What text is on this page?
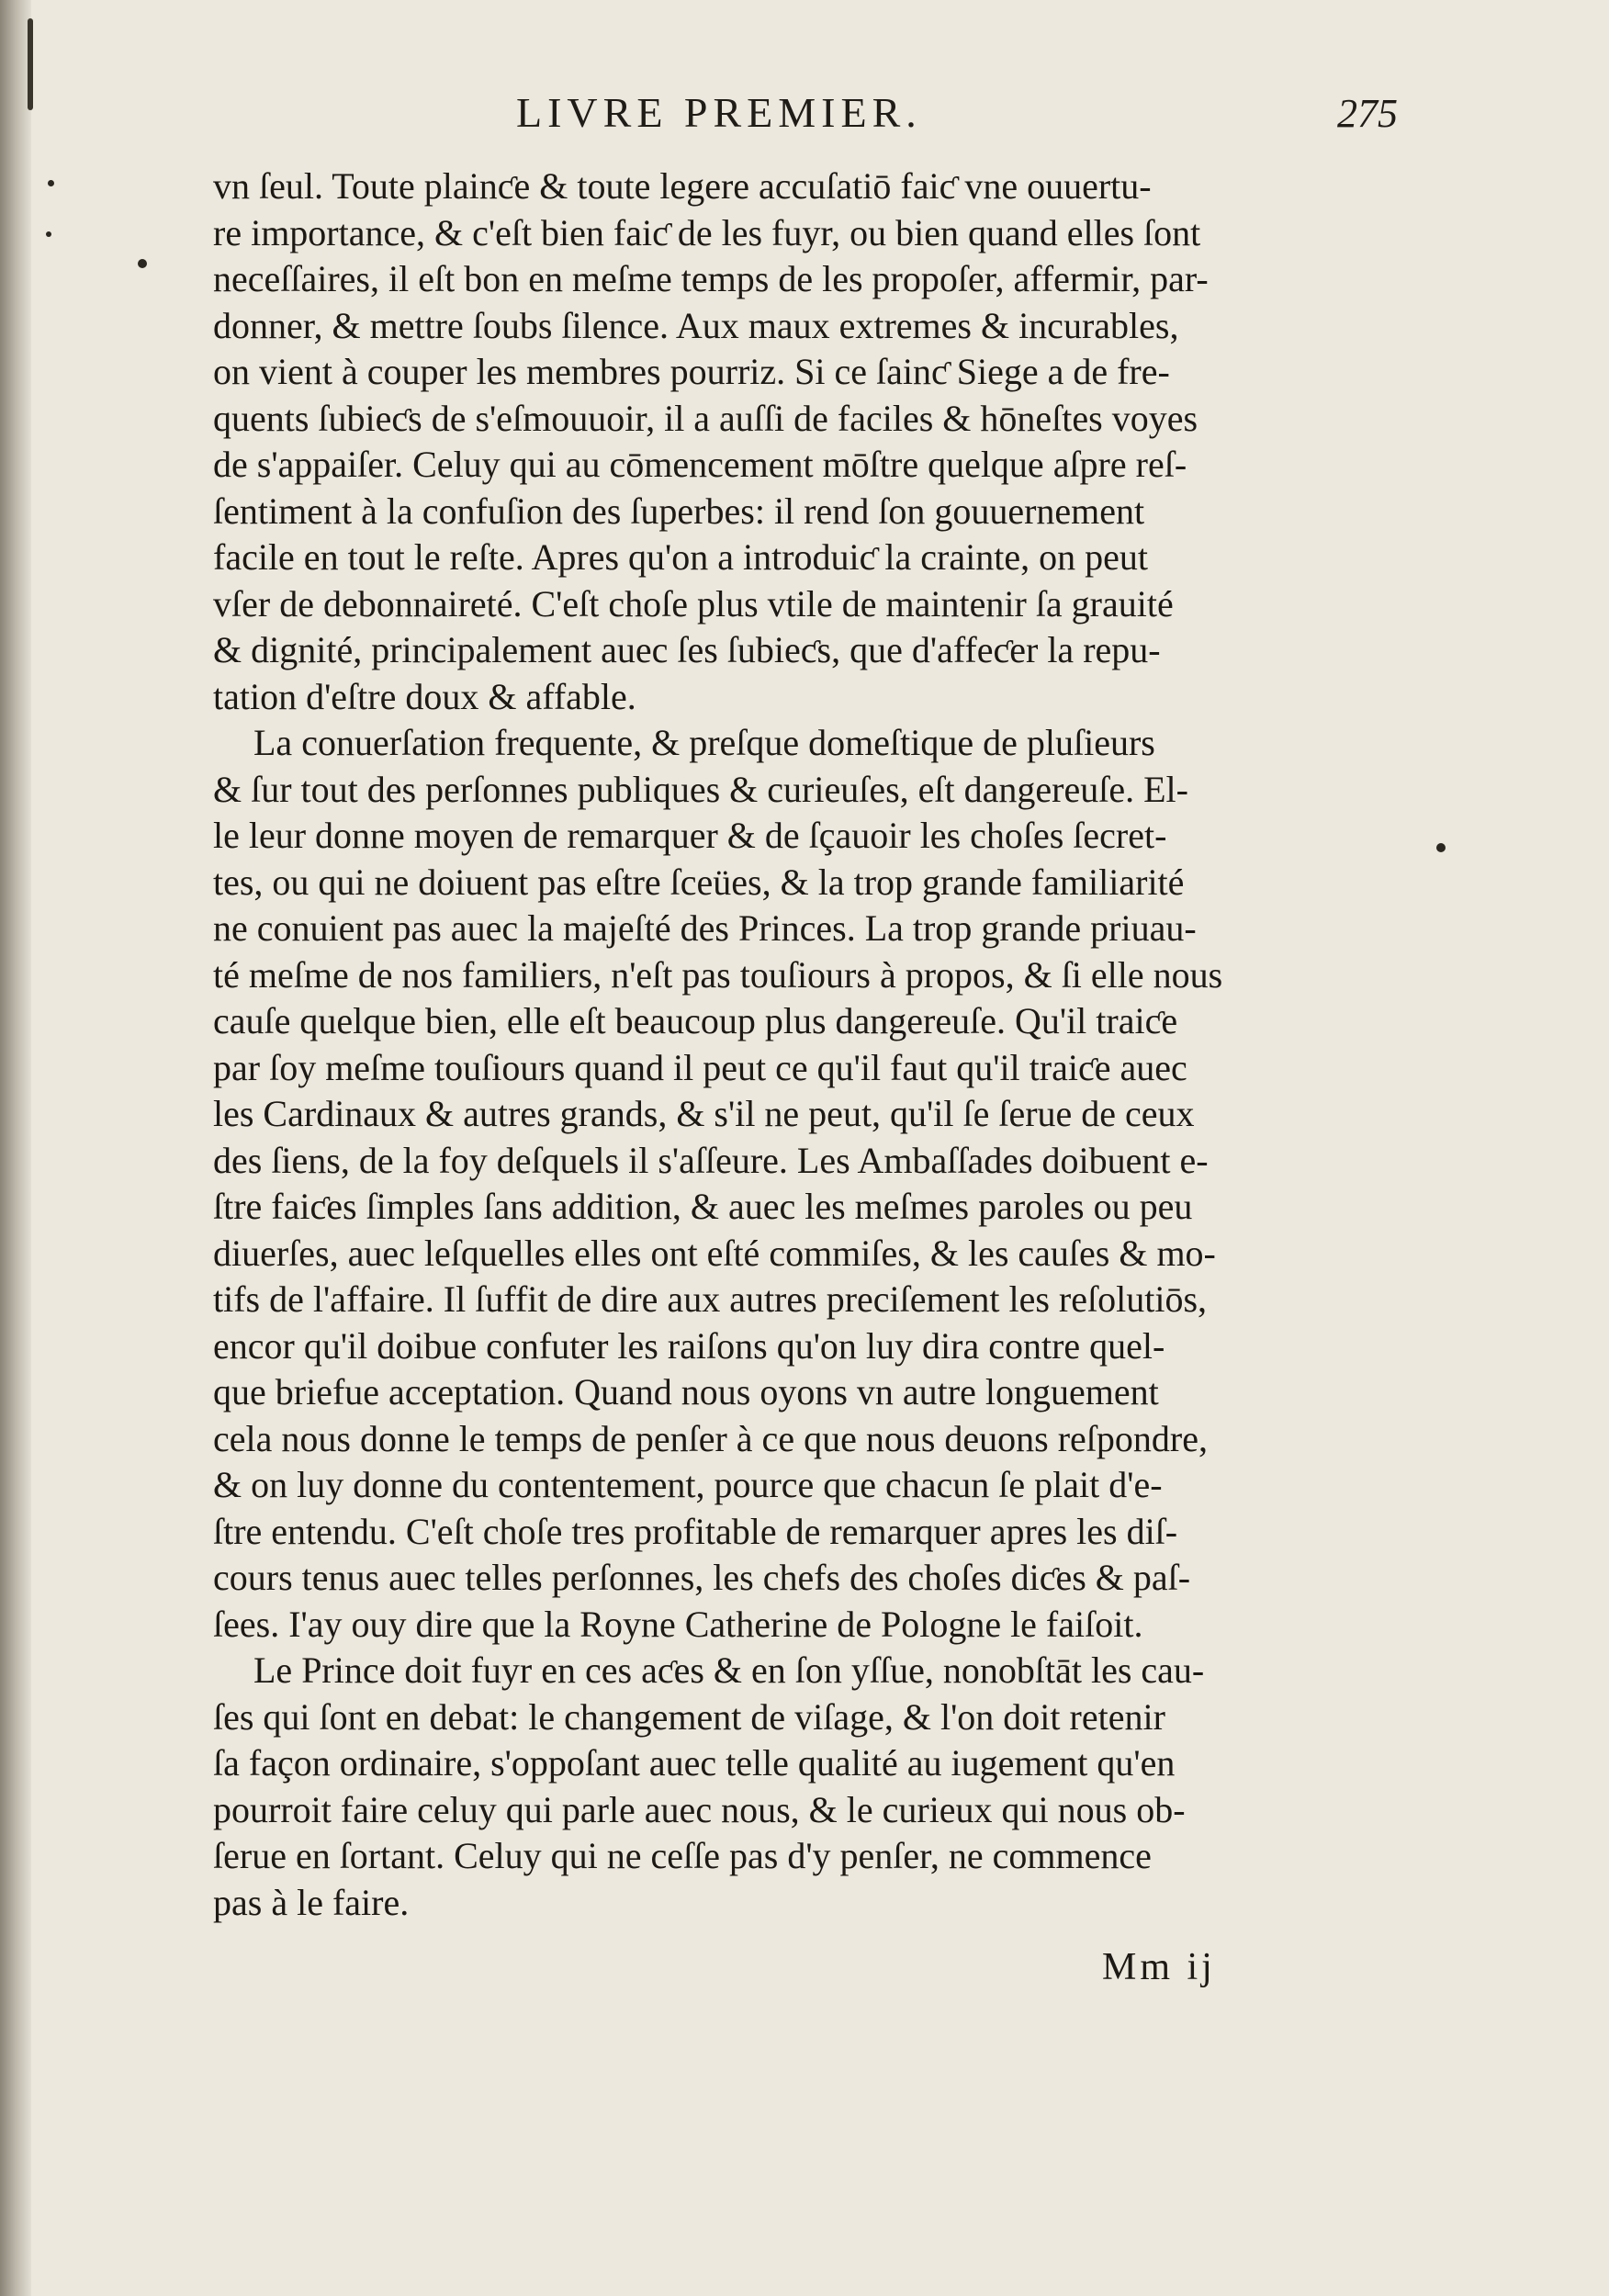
LIVRE PREMIER.	275

vn ſeul. Toute plainƈe & toute legere accuſatiō faiƈ vne ouuertu-
re importance, & c'eſt bien faiƈ de les fuyr, ou bien quand elles ſont
neceſſaires, il eſt bon en meſme temps de les propoſer, affermir, par-
donner, & mettre ſoubs ſilence. Aux maux extremes & incurables,
on vient à couper les membres pourriz. Si ce ſainƈ Siege a de fre-
quents ſubieƈs de s'eſmouuoir, il a auſſi de faciles & hōneſtes voyes
de s'appaiſer. Celuy qui au cōmencement mōſtre quelque aſpre reſ-
ſentiment à la confuſion des ſuperbes: il rend ſon gouuernement
facile en tout le reſte. Apres qu'on a introduiƈ la crainte, on peut
vſer de debonnaireté. C'eſt choſe plus vtile de maintenir ſa grauité
& dignité, principalement auec ſes ſubieƈs, que d'affeƈer la repu-
tation d'eſtre doux & affable.

La conuerſation frequente, & preſque domeſtique de pluſieurs
& ſur tout des perſonnes publiques & curieuſes, eſt dangereuſe. El-
le leur donne moyen de remarquer & de ſçauoir les choſes ſecret-
tes, ou qui ne doiuent pas eſtre ſceües, & la trop grande familiarité
ne conuient pas auec la majeſté des Princes. La trop grande priuau-
té meſme de nos familiers, n'eſt pas touſiours à propos, & ſi elle nous
cauſe quelque bien, elle eſt beaucoup plus dangereuſe. Qu'il traiƈe
par ſoy meſme touſiours quand il peut ce qu'il faut qu'il traiƈe auec
les Cardinaux & autres grands, & s'il ne peut, qu'il ſe ſerue de ceux
des ſiens, de la foy deſquels il s'aſſeure. Les Ambaſſades doibuent e-
ſtre faiƈes ſimples ſans addition, & auec les meſmes paroles ou peu
diuerſes, auec leſquelles elles ont eſté commiſes, & les cauſes & mo-
tifs de l'affaire. Il ſuffit de dire aux autres preciſement les reſolutiōs,
encor qu'il doibue confuter les raiſons qu'on luy dira contre quel-
que briefue acceptation. Quand nous oyons vn autre longuement
cela nous donne le temps de penſer à ce que nous deuons reſpondre,
& on luy donne du contentement, pource que chacun ſe plait d'e-
ſtre entendu. C'eſt choſe tres profitable de remarquer apres les diſ-
cours tenus auec telles perſonnes, les chefs des choſes diƈes & paſ-
ſees. I'ay ouy dire que la Royne Catherine de Pologne le faiſoit.

Le Prince doit fuyr en ces aƈes & en ſon yſſue, nonobſtāt les cau-
ſes qui ſont en debat: le changement de viſage, & l'on doit retenir
ſa façon ordinaire, s'oppoſant auec telle qualité au iugement qu'en
pourroit faire celuy qui parle auec nous, & le curieux qui nous ob-
ſerue en ſortant. Celuy qui ne ceſſe pas d'y penſer, ne commence
pas à le faire.

Mm ij
